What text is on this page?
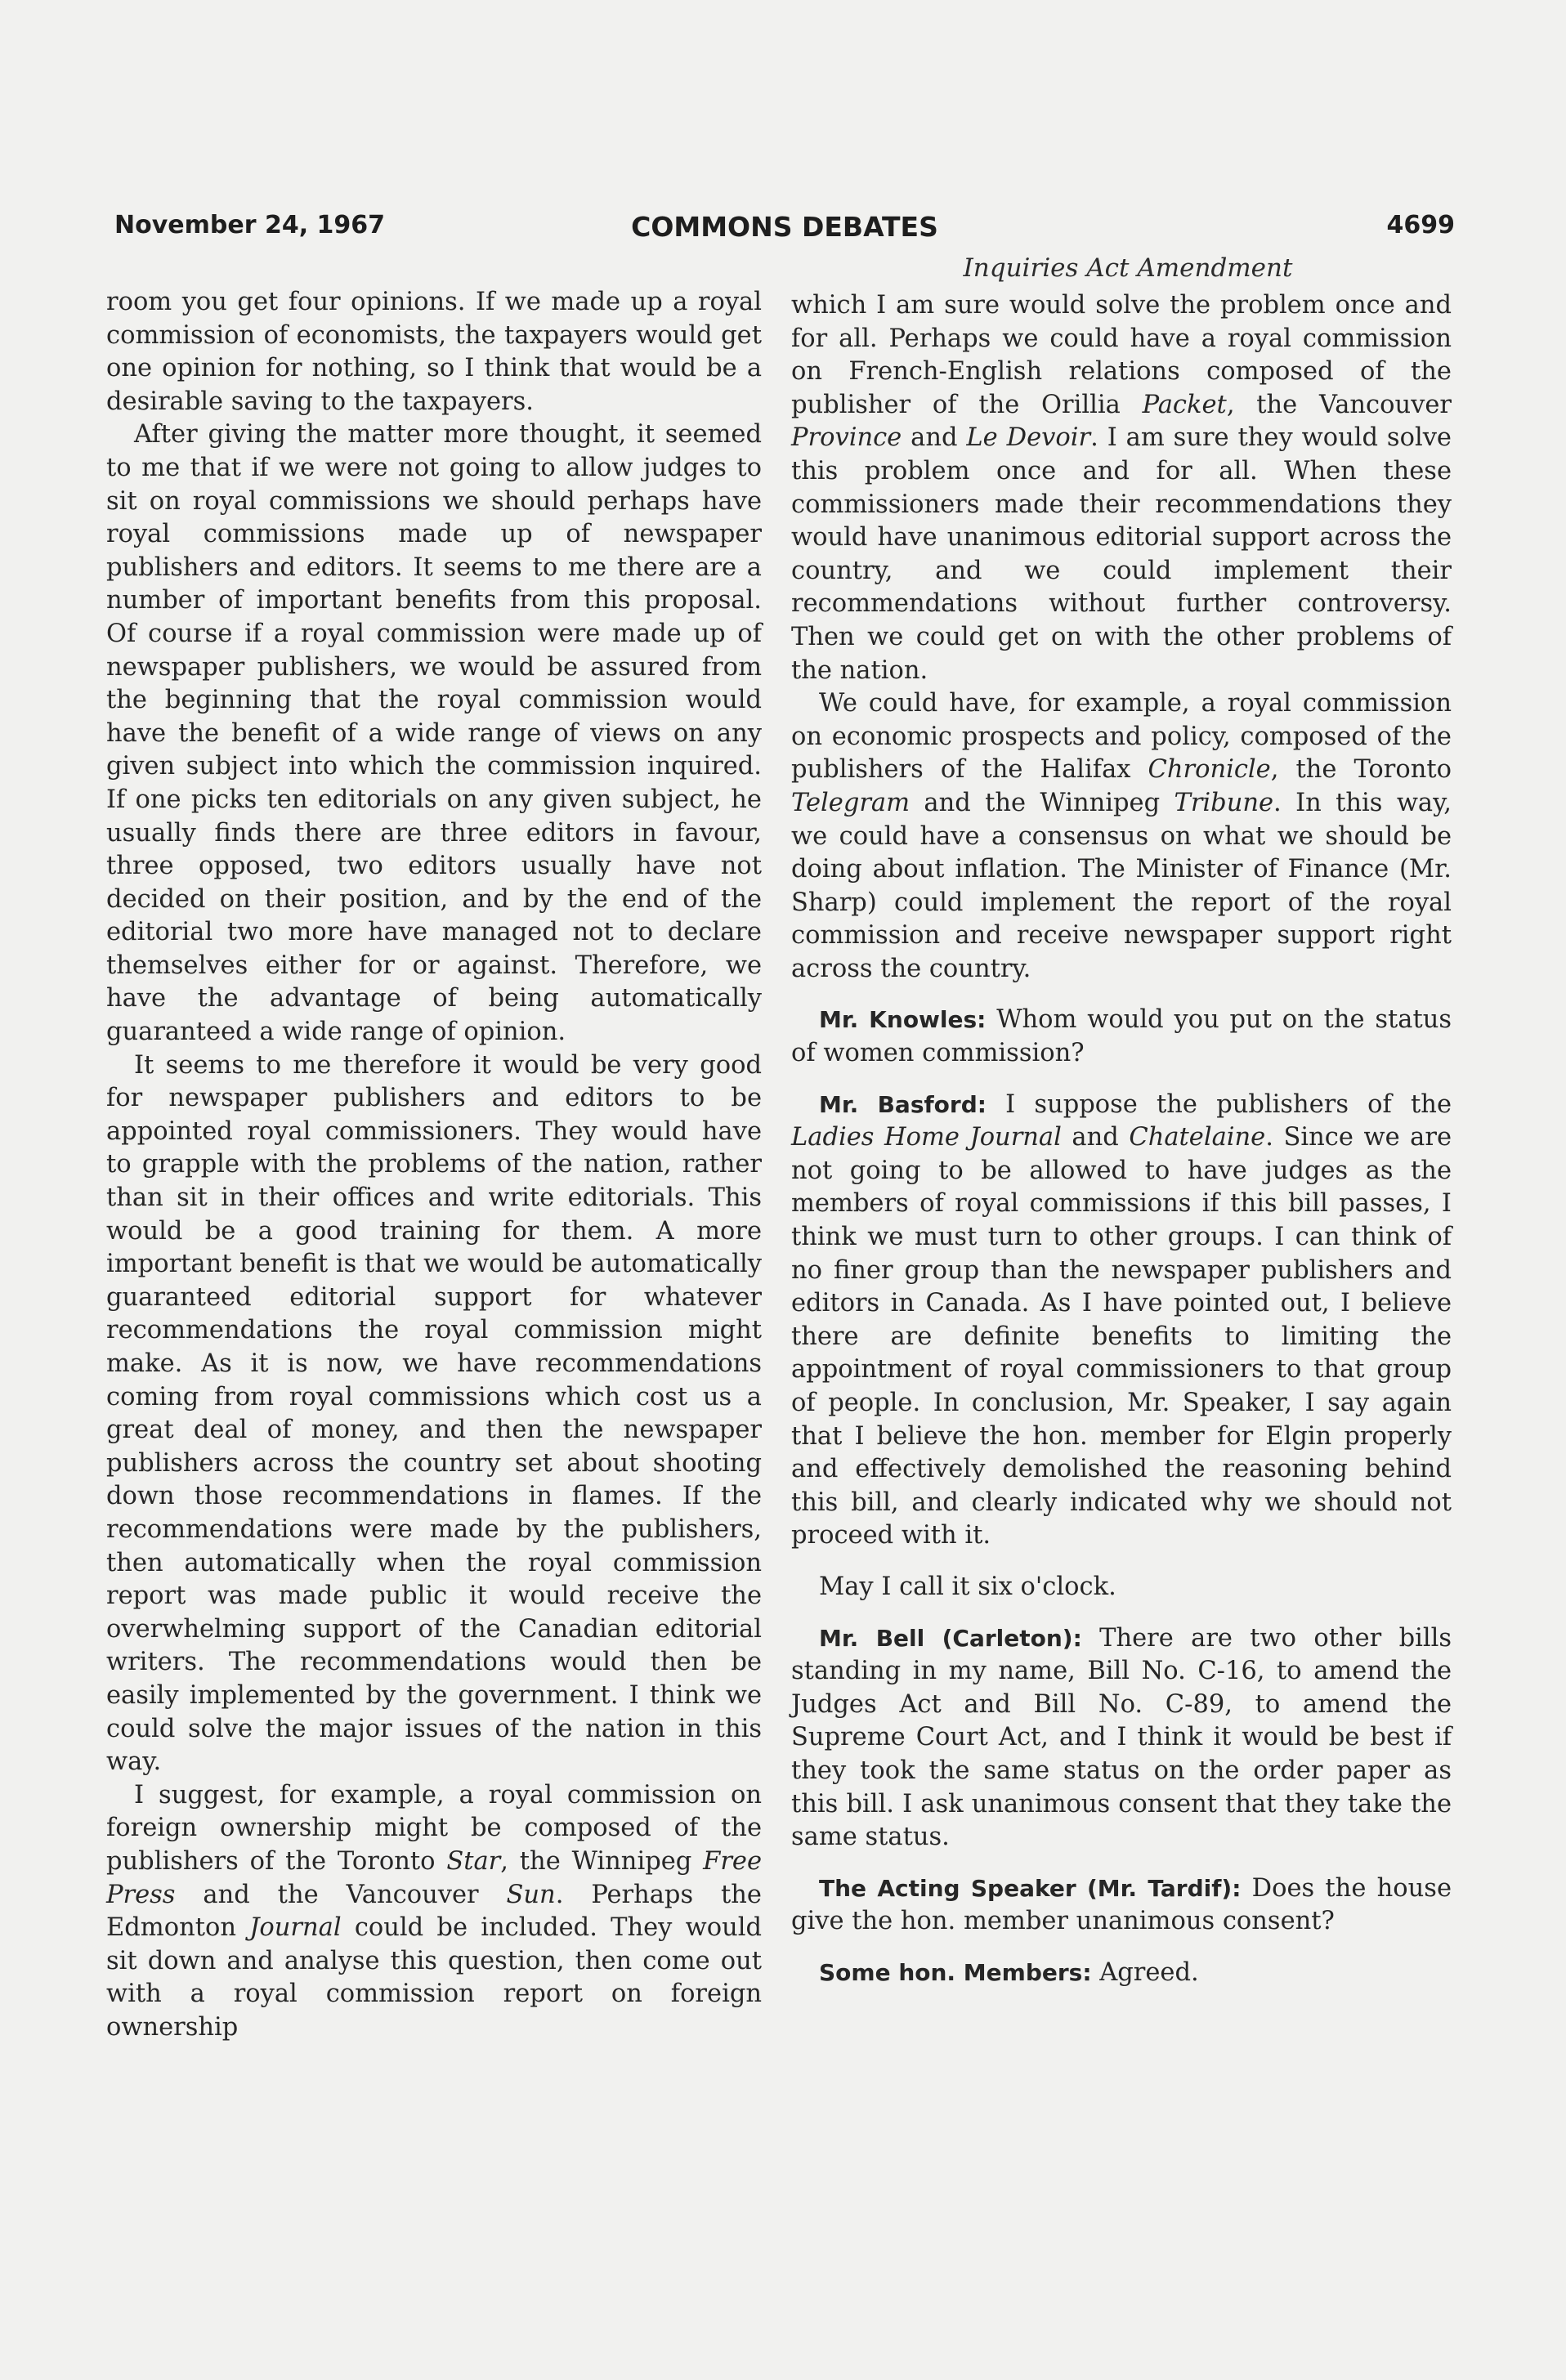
November 24, 1967	COMMONS DEBATES	4699
Inquiries Act Amendment

room you get four opinions. If we made up a royal commission of economists, the taxpayers would get one opinion for nothing, so I think that would be a desirable saving to the taxpayers.

After giving the matter more thought, it seemed to me that if we were not going to allow judges to sit on royal commissions we should perhaps have royal commissions made up of newspaper publishers and editors. It seems to me there are a number of important benefits from this proposal. Of course if a royal commission were made up of newspaper publishers, we would be assured from the beginning that the royal commission would have the benefit of a wide range of views on any given subject into which the commission inquired. If one picks ten editorials on any given subject, he usually finds there are three editors in favour, three opposed, two editors usually have not decided on their position, and by the end of the editorial two more have managed not to declare themselves either for or against. Therefore, we have the advantage of being automatically guaranteed a wide range of opinion.

It seems to me therefore it would be very good for newspaper publishers and editors to be appointed royal commissioners. They would have to grapple with the problems of the nation, rather than sit in their offices and write editorials. This would be a good training for them. A more important benefit is that we would be automatically guaranteed editorial support for whatever recommendations the royal commission might make. As it is now, we have recommendations coming from royal commissions which cost us a great deal of money, and then the newspaper publishers across the country set about shooting down those recommendations in flames. If the recommendations were made by the publishers, then automatically when the royal commission report was made public it would receive the overwhelming support of the Canadian editorial writers. The recommendations would then be easily implemented by the government. I think we could solve the major issues of the nation in this way.

I suggest, for example, a royal commission on foreign ownership might be composed of the publishers of the Toronto Star, the Winnipeg Free Press and the Vancouver Sun. Perhaps the Edmonton Journal could be included. They would sit down and analyse this question, then come out with a royal commission report on foreign ownership

which I am sure would solve the problem once and for all. Perhaps we could have a royal commission on French-English relations composed of the publisher of the Orillia Packet, the Vancouver Province and Le Devoir. I am sure they would solve this problem once and for all. When these commissioners made their recommendations they would have unanimous editorial support across the country, and we could implement their recommendations without further controversy. Then we could get on with the other problems of the nation.

We could have, for example, a royal commission on economic prospects and policy, composed of the publishers of the Halifax Chronicle, the Toronto Telegram and the Winnipeg Tribune. In this way, we could have a consensus on what we should be doing about inflation. The Minister of Finance (Mr. Sharp) could implement the report of the royal commission and receive newspaper support right across the country.

Mr. Knowles: Whom would you put on the status of women commission?

Mr. Basford: I suppose the publishers of the Ladies Home Journal and Chatelaine. Since we are not going to be allowed to have judges as the members of royal commissions if this bill passes, I think we must turn to other groups. I can think of no finer group than the newspaper publishers and editors in Canada. As I have pointed out, I believe there are definite benefits to limiting the appointment of royal commissioners to that group of people. In conclusion, Mr. Speaker, I say again that I believe the hon. member for Elgin properly and effectively demolished the reasoning behind this bill, and clearly indicated why we should not proceed with it.

May I call it six o'clock.

Mr. Bell (Carleton): There are two other bills standing in my name, Bill No. C-16, to amend the Judges Act and Bill No. C-89, to amend the Supreme Court Act, and I think it would be best if they took the same status on the order paper as this bill. I ask unanimous consent that they take the same status.

The Acting Speaker (Mr. Tardif): Does the house give the hon. member unanimous consent?

Some hon. Members: Agreed.
